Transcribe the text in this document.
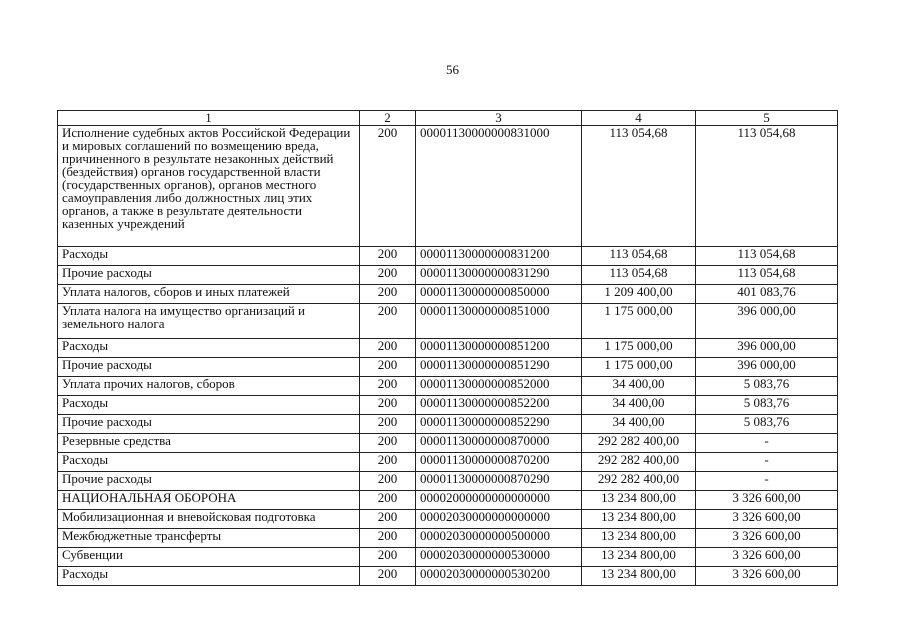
56
1	2	3	4	5
Исполнение судебных актов Российской Федерации и мировых соглашений по возмещению вреда, причиненного в результате незаконных действий (бездействия) органов государственной власти (государственных органов), органов местного самоуправления либо должностных лиц этих органов, а также в результате деятельности казенных учреждений	200	00001130000000831000	113 054,68	113 054,68
Расходы	200	00001130000000831200	113 054,68	113 054,68
Прочие расходы	200	00001130000000831290	113 054,68	113 054,68
Уплата налогов, сборов и иных платежей	200	00001130000000850000	1 209 400,00	401 083,76
Уплата налога на имущество организаций и земельного налога	200	00001130000000851000	1 175 000,00	396 000,00
Расходы	200	00001130000000851200	1 175 000,00	396 000,00
Прочие расходы	200	00001130000000851290	1 175 000,00	396 000,00
Уплата прочих налогов, сборов	200	00001130000000852000	34 400,00	5 083,76
Расходы	200	00001130000000852200	34 400,00	5 083,76
Прочие расходы	200	00001130000000852290	34 400,00	5 083,76
Резервные средства	200	00001130000000870000	292 282 400,00	-
Расходы	200	00001130000000870200	292 282 400,00	-
Прочие расходы	200	00001130000000870290	292 282 400,00	-
НАЦИОНАЛЬНАЯ ОБОРОНА	200	00002000000000000000	13 234 800,00	3 326 600,00
Мобилизационная и вневойсковая подготовка	200	00002030000000000000	13 234 800,00	3 326 600,00
Межбюджетные трансферты	200	00002030000000500000	13 234 800,00	3 326 600,00
Субвенции	200	00002030000000530000	13 234 800,00	3 326 600,00
Расходы	200	00002030000000530200	13 234 800,00	3 326 600,00
